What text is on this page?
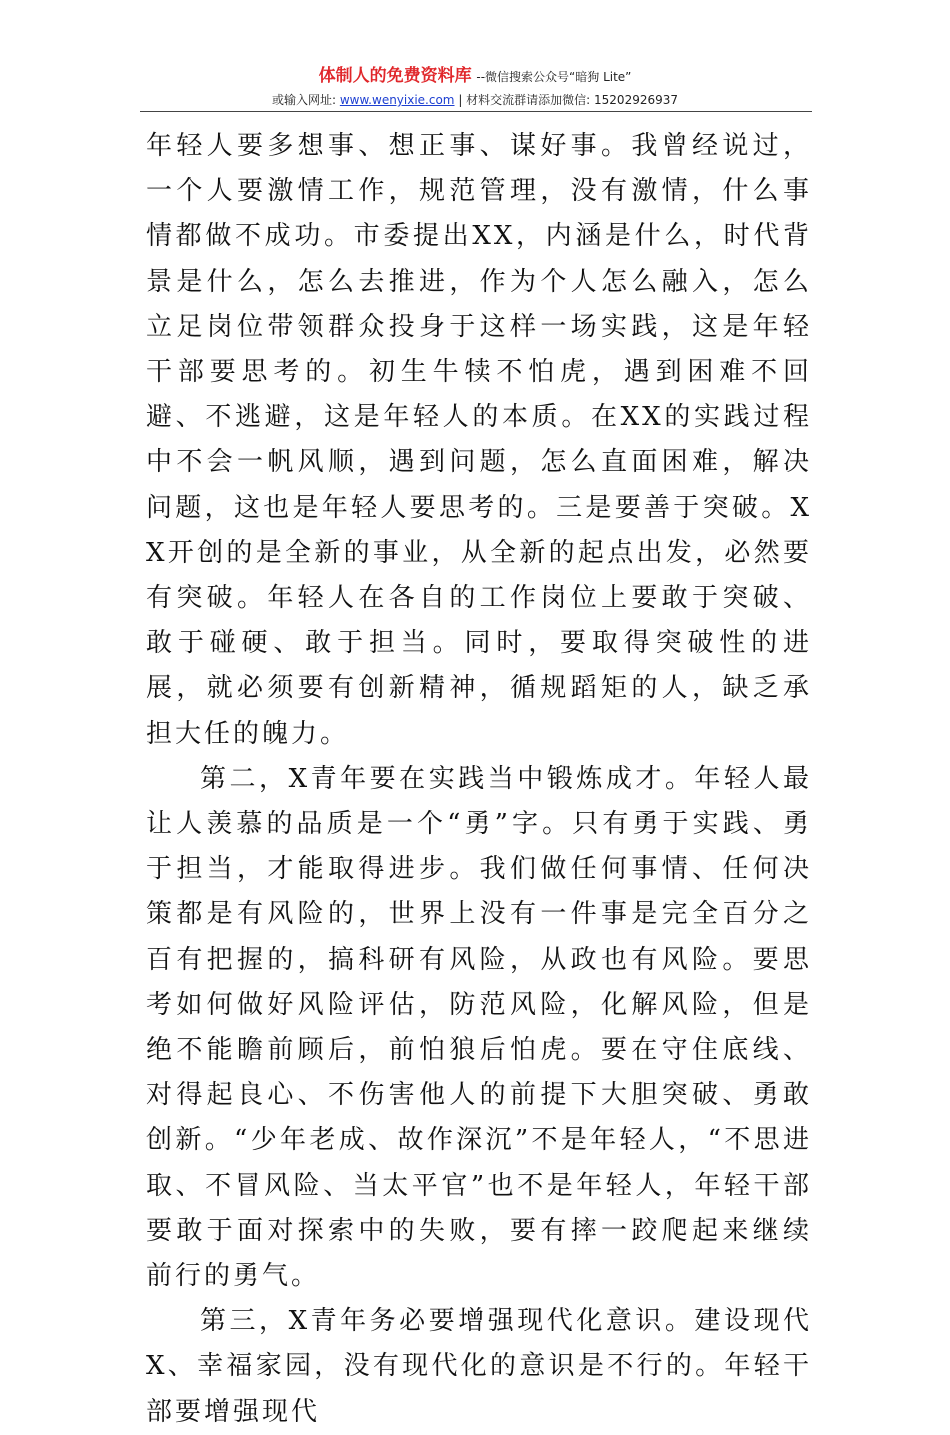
体制人的免费资料库 --微信搜索公众号“暗狗 Lite”
或输入网址: www.wenyixie.com | 材料交流群请添加微信: 15202926937

年轻人要多想事、想正事、谋好事。我曾经说过，一个人要激情工作，规范管理，没有激情，什么事情都做不成功。市委提出XX，内涵是什么，时代背景是什么，怎么去推进，作为个人怎么融入，怎么立足岗位带领群众投身于这样一场实践，这是年轻干部要思考的。初生牛犊不怕虎，遇到困难不回避、不逃避，这是年轻人的本质。在XX的实践过程中不会一帆风顺，遇到问题，怎么直面困难，解决问题，这也是年轻人要思考的。三是要善于突破。XX开创的是全新的事业，从全新的起点出发，必然要有突破。年轻人在各自的工作岗位上要敢于突破、敢于碰硬、敢于担当。同时，要取得突破性的进展，就必须要有创新精神，循规蹈矩的人，缺乏承担大任的魄力。

第二，X青年要在实践当中锻炼成才。年轻人最让人羡慕的品质是一个“勇”字。只有勇于实践、勇于担当，才能取得进步。我们做任何事情、任何决策都是有风险的，世界上没有一件事是完全百分之百有把握的，搞科研有风险，从政也有风险。要思考如何做好风险评估，防范风险，化解风险，但是绝不能瞻前顾后，前怕狼后怕虎。要在守住底线、对得起良心、不伤害他人的前提下大胆突破、勇敢创新。“少年老成、故作深沉”不是年轻人，“不思进取、不冒风险、当太平官”也不是年轻人，年轻干部要敢于面对探索中的失败，要有摔一跤爬起来继续前行的勇气。

第三，X青年务必要增强现代化意识。建设现代X、幸福家园，没有现代化的意识是不行的。年轻干部要增强现代
